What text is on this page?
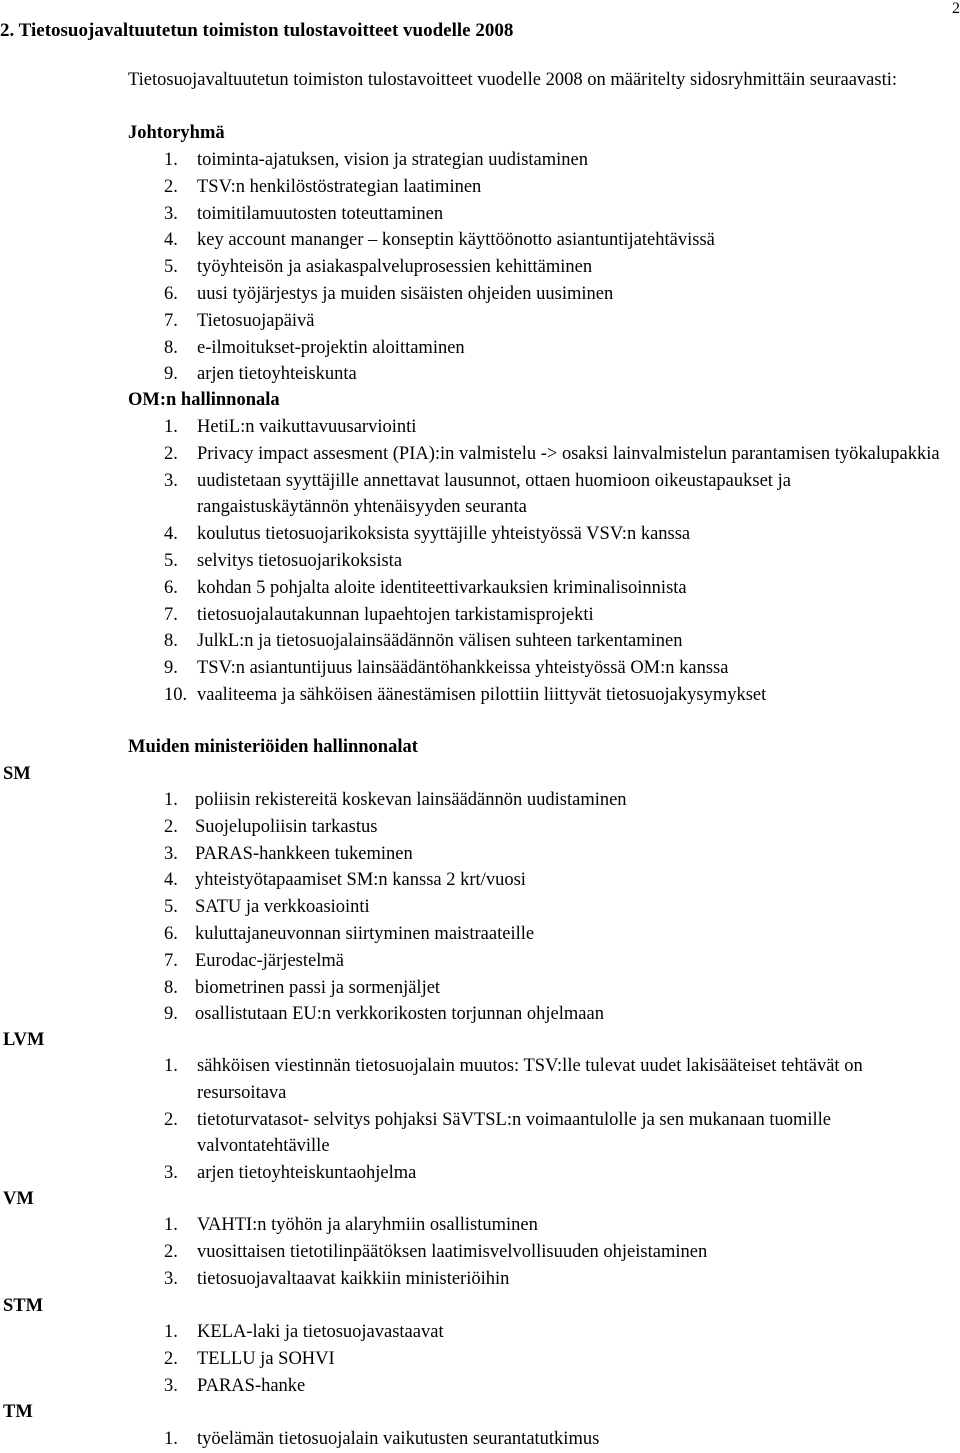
2
2. Tietosuojavaltuutetun toimiston tulostavoitteet vuodelle 2008

Tietosuojavaltuutetun toimiston tulostavoitteet vuodelle 2008 on määritelty sidosryhmittäin seuraavasti:

Johtoryhmä

1. toiminta-ajatuksen, vision ja strategian uudistaminen
2. TSV:n henkilöstöstrategian laatiminen
3. toimitilamuutosten toteuttaminen
4. key account mananger – konseptin käyttöönotto asiantuntijatehtävissä
5. työyhteisön ja asiakaspalveluprosessien kehittäminen
6. uusi työjärjestys ja muiden sisäisten ohjeiden uusiminen
7. Tietosuojapäivä
8. e-ilmoitukset-projektin aloittaminen
9. arjen tietoyhteiskunta

OM:n hallinnonala

1. HetiL:n vaikuttavuusarviointi
2. Privacy impact assesment (PIA):in valmistelu -> osaksi lainvalmistelun parantamisen työkalupakkia
3. uudistetaan syyttäjille annettavat lausunnot, ottaen huomioon oikeustapaukset ja rangaistuskäytännön yhtenäisyyden seuranta
4. koulutus tietosuojarikoksista syyttäjille yhteistyössä VSV:n kanssa
5. selvitys tietosuojarikoksista
6. kohdan 5 pohjalta aloite identiteettivarkauksien kriminalisoinnista
7. tietosuojalautakunnan lupaehtojen tarkistamisprojekti
8. JulkL:n ja tietosuojalainsäädännön välisen suhteen tarkentaminen
9. TSV:n asiantuntijuus lainsäädäntöhankkeissa yhteistyössä OM:n kanssa
10. vaaliteema ja sähköisen äänestämisen pilottiin liittyvät tietosuojakysymykset

Muiden ministeriöiden hallinnonalat

SM

1. poliisin rekistereitä koskevan lainsäädännön uudistaminen
2. Suojelupoliisin tarkastus
3. PARAS-hankkeen tukeminen
4. yhteistyötapaamiset SM:n kanssa 2 krt/vuosi
5. SATU ja verkkoasiointi
6. kuluttajaneuvonnan siirtyminen maistraateille
7. Eurodac-järjestelmä
8. biometrinen passi ja sormenjäljet
9. osallistutaan EU:n verkkorikosten torjunnan ohjelmaan

LVM

1. sähköisen viestinnän tietosuojalain muutos: TSV:lle tulevat uudet lakisääteiset tehtävät on resursoitava
2. tietoturvatasot- selvitys pohjaksi SäVTSL:n voimaantulolle ja sen mukanaan tuomille valvontatehtäville
3. arjen tietoyhteiskuntaohjelma

VM

1. VAHTI:n työhön ja alaryhmiin osallistuminen
2. vuosittaisen tietotilinpäätöksen laatimisvelvollisuuden ohjeistaminen
3. tietosuojavaltaavat kaikkiin ministeriöihin

STM

1. KELA-laki ja tietosuojavastaavat
2. TELLU ja SOHVI
3. PARAS-hanke

TM

1. työelämän tietosuojalain vaikutusten seurantatutkimus
